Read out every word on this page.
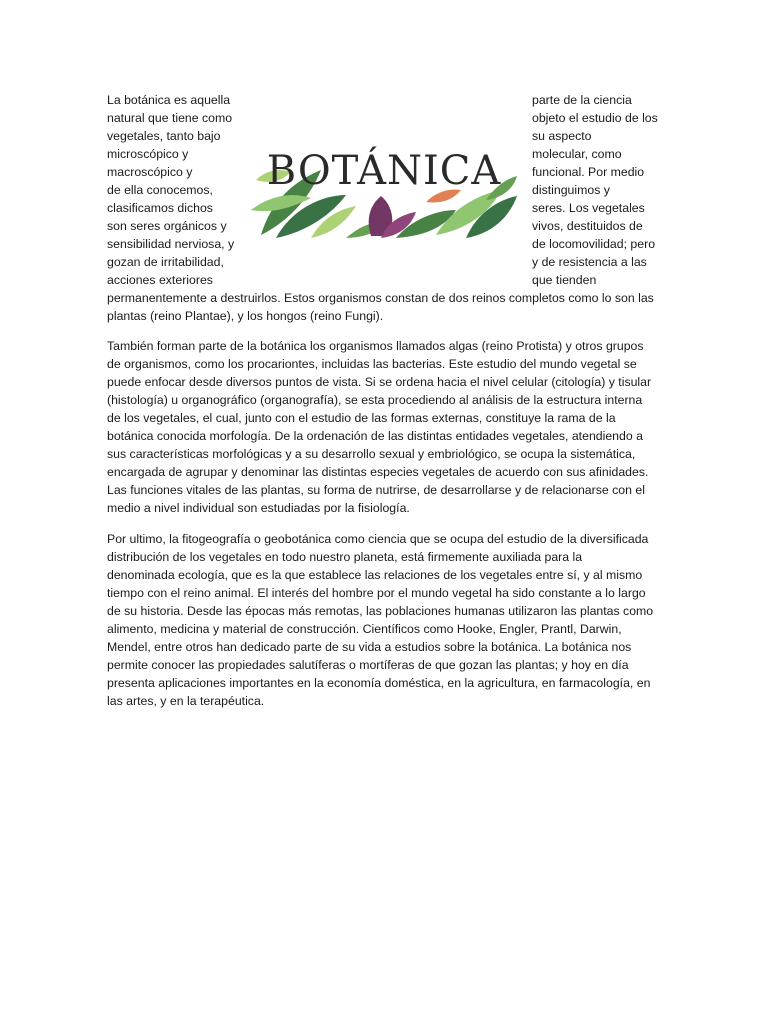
La botánica es aquella
natural que tiene como
vegetales, tanto bajo
microscópico y
macroscópico y
de ella conocemos,
clasificamos dichos
son seres orgánicos y
sensibilidad nerviosa, y
gozan de irritabilidad,
acciones exteriores
BOTÁNICA
parte de la ciencia
objeto el estudio de los
su aspecto
molecular, como
funcional. Por medio
distinguimos y
seres. Los vegetales
vivos, destituidos de
de locomovilidad; pero
y de resistencia a las
que tienden

permanentemente a destruirlos. Estos organismos constan de dos reinos completos como lo son las
plantas (reino Plantae), y los hongos (reino Fungi).

También forman parte de la botánica los organismos llamados algas (reino Protista) y otros grupos
de organismos, como los procariontes, incluidas las bacterias. Este estudio del mundo vegetal se
puede enfocar desde diversos puntos de vista. Si se ordena hacia el nivel celular (citología) y tisular
(histología) u organográfico (organografía), se esta procediendo al análisis de la estructura interna
de los vegetales, el cual, junto con el estudio de las formas externas, constituye la rama de la
botánica conocida morfología. De la ordenación de las distintas entidades vegetales, atendiendo a
sus características morfológicas y a su desarrollo sexual y embriológico, se ocupa la sistemática,
encargada de agrupar y denominar las distintas especies vegetales de acuerdo con sus afinidades.
Las funciones vitales de las plantas, su forma de nutrirse, de desarrollarse y de relacionarse con el
medio a nivel individual son estudiadas por la fisiología.

Por ultimo, la fitogeografía o geobotánica como ciencia que se ocupa del estudio de la diversificada
distribución de los vegetales en todo nuestro planeta, está firmemente auxiliada para la
denominada ecología, que es la que establece las relaciones de los vegetales entre sí, y al mismo
tiempo con el reino animal. El interés del hombre por el mundo vegetal ha sido constante a lo largo
de su historia. Desde las épocas más remotas, las poblaciones humanas utilizaron las plantas como
alimento, medicina y material de construcción. Científicos como Hooke, Engler, Prantl, Darwin,
Mendel, entre otros han dedicado parte de su vida a estudios sobre la botánica. La botánica nos
permite conocer las propiedades salutíferas o mortíferas de que gozan las plantas; y hoy en día
presenta aplicaciones importantes en la economía doméstica, en la agricultura, en farmacología, en
las artes, y en la terapéutica.
